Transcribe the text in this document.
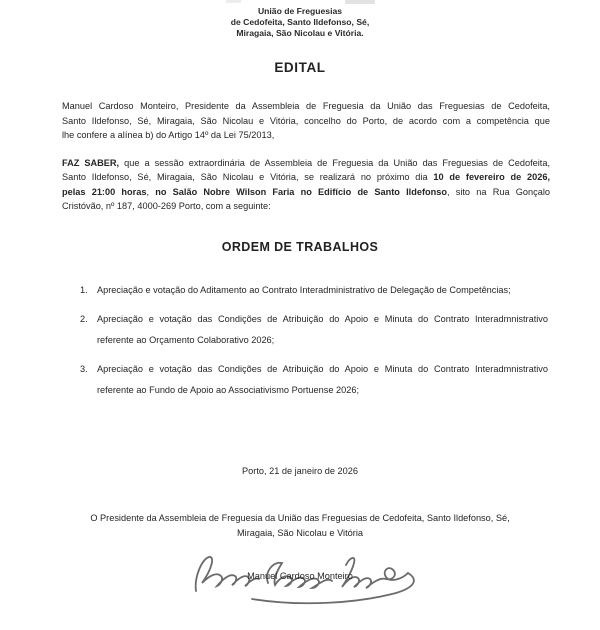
União de Freguesias
de Cedofeita, Santo Ildefonso, Sé,
Miragaia, São Nicolau e Vitória.
EDITAL

Manuel Cardoso Monteiro, Presidente da Assembleia de Freguesia da União das Freguesias de Cedofeita,
Santo Ildefonso, Sé, Miragaia, São Nicolau e Vitória, concelho do Porto, de acordo com a competência que
lhe confere a alínea b) do Artigo 14º da Lei 75/2013,

FAZ SABER, que a sessão extraordinária de Assembleia de Freguesia da União das Freguesias de Cedofeita,
Santo Ildefonso, Sé, Miragaia, São Nicolau e Vitória, se realizará no próximo dia 10 de fevereiro de 2026,
pelas 21:00 horas, no Salão Nobre Wilson Faria no Edifício de Santo Ildefonso, sito na Rua Gonçalo
Cristóvão, nº 187, 4000-269 Porto, com a seguinte:

ORDEM DE TRABALHOS
1.	Apreciação e votação do Aditamento ao Contrato Interadministrativo de Delegação de Competências;
2.	Apreciação e votação das Condições de Atribuição do Apoio e Minuta do Contrato Interadmnistrativo
referente ao Orçamento Colaborativo 2026;
3.	Apreciação e votação das Condições de Atribuição do Apoio e Minuta do Contrato Interadmnistrativo
referente ao Fundo de Apoio ao Associativismo Portuense 2026;
Porto, 21 de janeiro de 2026
O Presidente da Assembleia de Freguesia da União das Freguesias de Cedofeita, Santo Ildefonso, Sé,
Miragaia, São Nicolau e Vitória
Manuel Cardoso Monteiro
